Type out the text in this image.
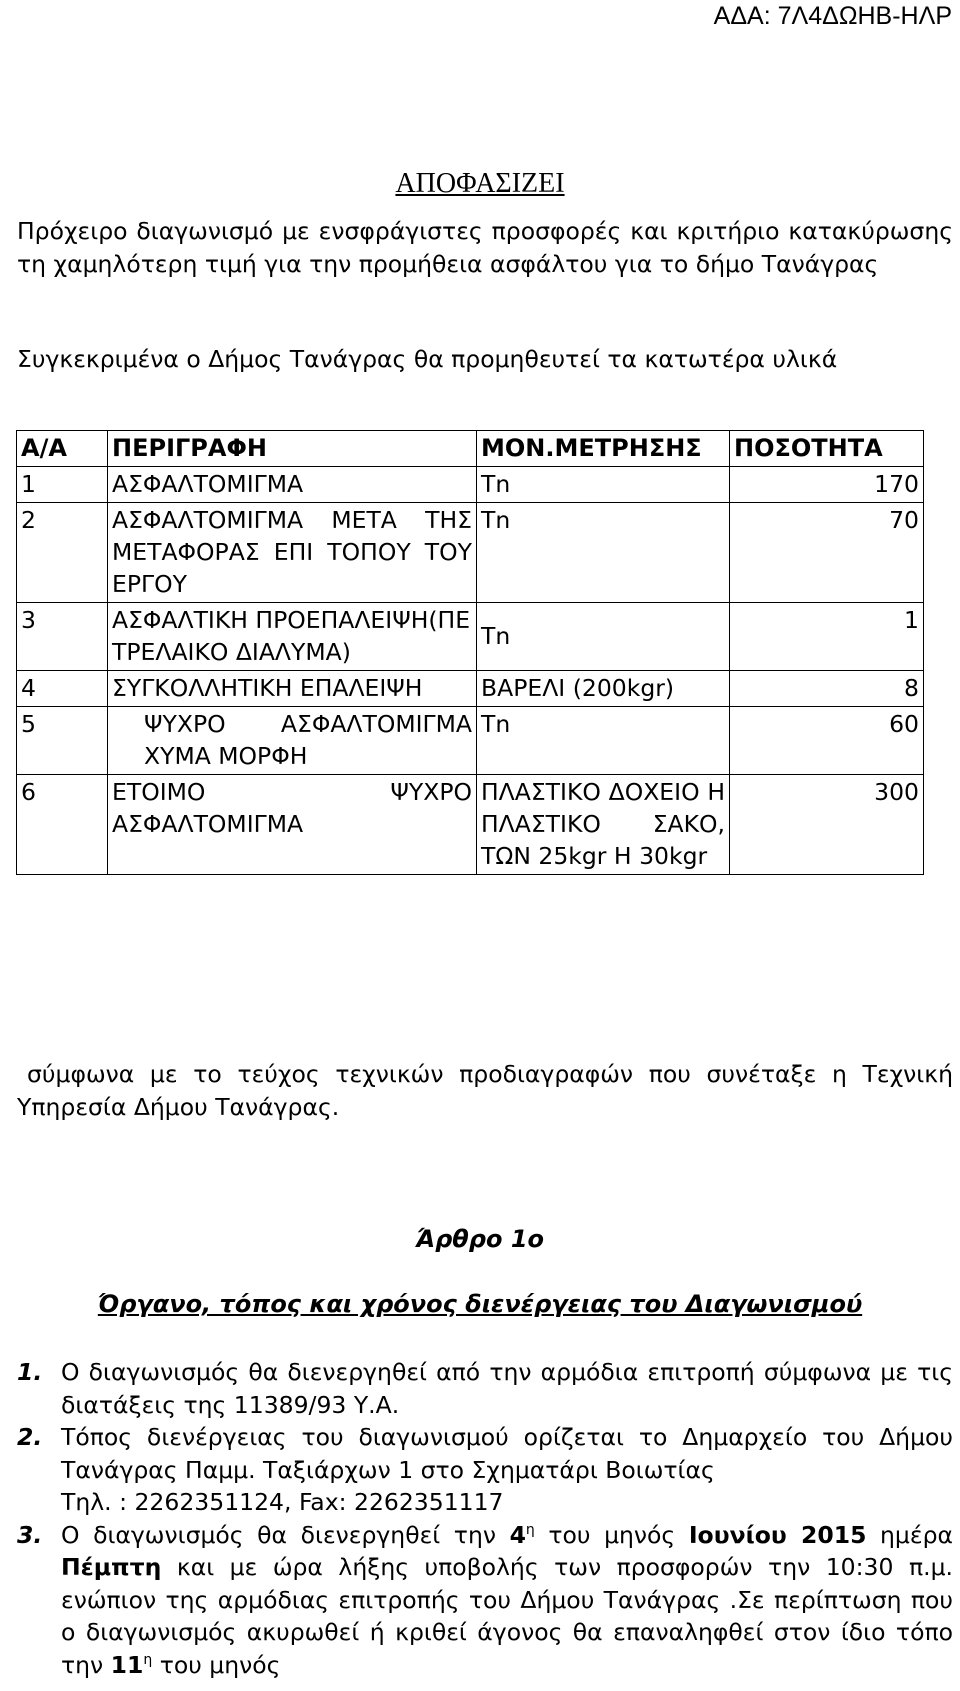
ΑΔΑ: 7Λ4ΔΩΗΒ-ΗΛΡ
ΑΠΟΦΑΣΙΖΕΙ
Πρόχειρο διαγωνισμό με ενσφράγιστες προσφορές και κριτήριο κατακύρωσης τη χαμηλότερη τιμή για την προμήθεια ασφάλτου για το δήμο Τανάγρας
Συγκεκριμένα ο Δήμος Τανάγρας θα προμηθευτεί τα κατωτέρα υλικά
Α/Α	ΠΕΡΙΓΡΑΦΗ	ΜΟΝ.ΜΕΤΡΗΣΗΣ	ΠΟΣΟΤΗΤΑ
1	ΑΣΦΑΛΤΟΜΙΓΜΑ	Τn	170
2	ΑΣΦΑΛΤΟΜΙΓΜΑ ΜΕΤΑ ΤΗΣ ΜΕΤΑΦΟΡΑΣ ΕΠΙ ΤΟΠΟΥ ΤΟΥ ΕΡΓΟΥ	Τn	70
3	ΑΣΦΑΛΤΙΚΗ ΠΡΟΕΠΑΛΕΙΨΗ(ΠΕΤΡΕΛΑΙΚΟ ΔΙΑΛΥΜΑ)	Τn	1
4	ΣΥΓΚΟΛΛΗΤΙΚΗ ΕΠΑΛΕΙΨΗ	ΒΑΡΕΛΙ (200kgr)	8
5	ΨΥΧΡΟ ΑΣΦΑΛΤΟΜΙΓΜΑ ΧΥΜΑ ΜΟΡΦΗ	Τn	60
6	ΕΤΟΙΜΟ ΨΥΧΡΟ ΑΣΦΑΛΤΟΜΙΓΜΑ	ΠΛΑΣΤΙΚΟ ΔΟΧΕΙΟ Η ΠΛΑΣΤΙΚΟ ΣΑΚΟ, ΤΩΝ 25kgr Η 30kgr	300
σύμφωνα με το τεύχος τεχνικών προδιαγραφών που συνέταξε η Τεχνική Υπηρεσία Δήμου Τανάγρας.
Άρθρο 1ο
Όργανο, τόπος και χρόνος διενέργειας του Διαγωνισμού
1. Ο διαγωνισμός θα διενεργηθεί από την αρμόδια επιτροπή σύμφωνα με τις διατάξεις της 11389/93 Υ.Α.
2. Τόπος διενέργειας του διαγωνισμού ορίζεται το Δημαρχείο του Δήμου Τανάγρας Παμμ. Ταξιάρχων 1 στο Σχηματάρι Βοιωτίας
Τηλ. : 2262351124, Fax: 2262351117
3. Ο διαγωνισμός θα διενεργηθεί την $4^\eta$ του μηνός Ιουνίου 2015 ημέρα Πέμπτη και με ώρα λήξης υποβολής των προσφορών την 10:30 π.μ. ενώπιον της αρμόδιας επιτροπής του Δήμου Τανάγρας .Σε περίπτωση που ο διαγωνισμός ακυρωθεί ή κριθεί άγονος θα επαναληφθεί στον ίδιο τόπο την $11^\eta$ του μηνός
